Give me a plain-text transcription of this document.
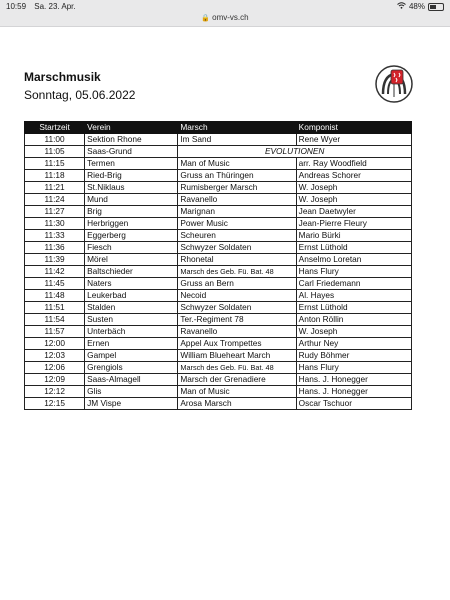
10:59 Sa. 23. Apr.	48%
🔒 omv-vs.ch

Marschmusik

Sonntag, 05.06.2022

Startzeit	Verein	Marsch	Komponist
11:00	Sektion Rhone	Im Sand	Rene Wyer
11:05	Saas-Grund	EVOLUTIONEN	
11:15	Termen	Man of Music	arr. Ray Woodfield
11:18	Ried-Brig	Gruss an Thüringen	Andreas Schorer
11:21	St.Niklaus	Rumisberger Marsch	W. Joseph
11:24	Mund	Ravanello	W. Joseph
11:27	Brig	Marignan	Jean Daetwyler
11:30	Herbriggen	Power Music	Jean-Pierre Fleury
11:33	Eggerberg	Scheuren	Mario Bürki
11:36	Fiesch	Schwyzer Soldaten	Ernst Lüthold
11:39	Mörel	Rhonetal	Anselmo Loretan
11:42	Baltschieder	Marsch des Geb. Fü. Bat. 48	Hans Flury
11:45	Naters	Gruss an Bern	Carl Friedemann
11:48	Leukerbad	Necoid	Al. Hayes
11:51	Stalden	Schwyzer Soldaten	Ernst Lüthold
11:54	Susten	Ter.-Regiment 78	Anton Röllin
11:57	Unterbäch	Ravanello	W. Joseph
12:00	Ernen	Appel Aux Trompettes	Arthur Ney
12:03	Gampel	William Blueheart March	Rudy Böhmer
12:06	Grengiols	Marsch des Geb. Fü. Bat. 48	Hans Flury
12:09	Saas-Almagell	Marsch der Grenadiere	Hans. J. Honegger
12:12	Glis	Man of Music	Hans. J. Honegger
12:15	JM Vispe	Arosa Marsch	Oscar Tschuor
